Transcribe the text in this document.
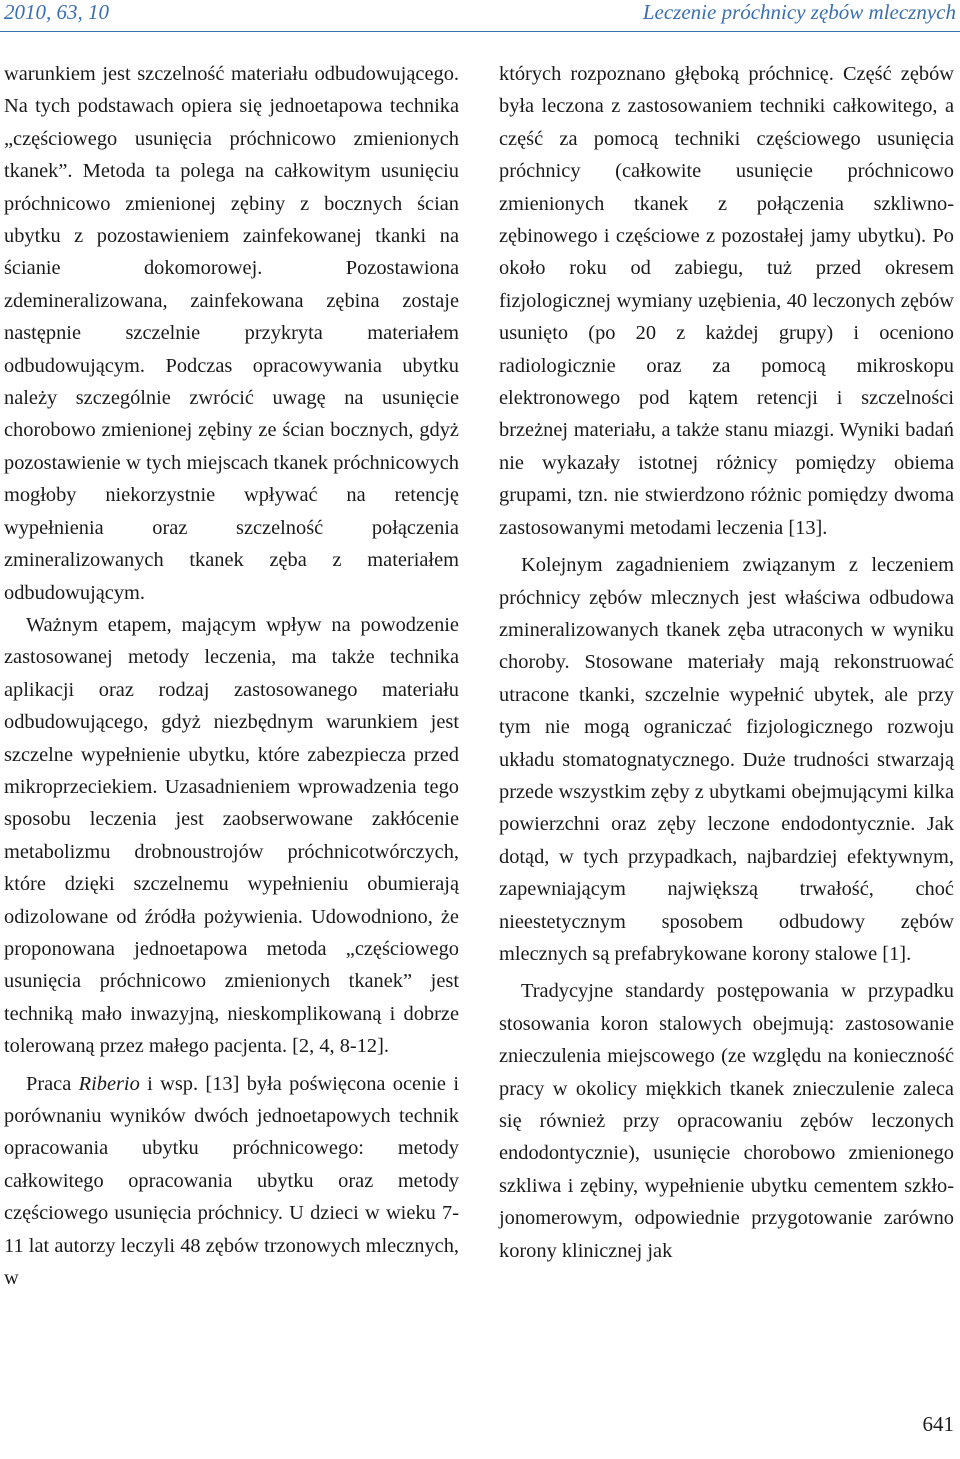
2010, 63, 10	Leczenie próchnicy zębów mlecznych

warunkiem jest szczelność materiału odbudowującego. Na tych podstawach opiera się jednoetapowa technika „częściowego usunięcia próchnicowo zmienionych tkanek”. Metoda ta polega na całkowitym usunięciu próchnicowo zmienionej zębiny z bocznych ścian ubytku z pozostawieniem zainfekowanej tkanki na ścianie dokomorowej. Pozostawiona zdemineralizowana, zainfekowana zębina zostaje następnie szczelnie przykryta materiałem odbudowującym. Podczas opracowywania ubytku należy szczególnie zwrócić uwagę na usunięcie chorobowo zmienionej zębiny ze ścian bocznych, gdyż pozostawienie w tych miejscach tkanek próchnicowych mogłoby niekorzystnie wpływać na retencję wypełnienia oraz szczelność połączenia zmineralizowanych tkanek zęba z materiałem odbudowującym.

Ważnym etapem, mającym wpływ na powodzenie zastosowanej metody leczenia, ma także technika aplikacji oraz rodzaj zastosowanego materiału odbudowującego, gdyż niezbędnym warunkiem jest szczelne wypełnienie ubytku, które zabezpiecza przed mikroprzeciekiem. Uzasadnieniem wprowadzenia tego sposobu leczenia jest zaobserwowane zakłócenie metabolizmu drobnoustrojów próchnicotwórczych, które dzięki szczelnemu wypełnieniu obumierają odizolowane od źródła pożywienia. Udowodniono, że proponowana jednoetapowa metoda „częściowego usunięcia próchnicowo zmienionych tkanek” jest techniką mało inwazyjną, nieskomplikowaną i dobrze tolerowaną przez małego pacjenta. [2, 4, 8-12].

Praca Riberio i wsp. [13] była poświęcona ocenie i porównaniu wyników dwóch jednoetapowych technik opracowania ubytku próchnicowego: metody całkowitego opracowania ubytku oraz metody częściowego usunięcia próchnicy. U dzieci w wieku 7-11 lat autorzy leczyli 48 zębów trzonowych mlecznych, w

których rozpoznano głęboką próchnicę. Część zębów była leczona z zastosowaniem techniki całkowitego, a część za pomocą techniki częściowego usunięcia próchnicy (całkowite usunięcie próchnicowo zmienionych tkanek z połączenia szkliwno-zębinowego i częściowe z pozostałej jamy ubytku). Po około roku od zabiegu, tuż przed okresem fizjologicznej wymiany uzębienia, 40 leczonych zębów usunięto (po 20 z każdej grupy) i oceniono radiologicznie oraz za pomocą mikroskopu elektronowego pod kątem retencji i szczelności brzeżnej materiału, a także stanu miazgi. Wyniki badań nie wykazały istotnej różnicy pomiędzy obiema grupami, tzn. nie stwierdzono różnic pomiędzy dwoma zastosowanymi metodami leczenia [13].

Kolejnym zagadnieniem związanym z leczeniem próchnicy zębów mlecznych jest właściwa odbudowa zmineralizowanych tkanek zęba utraconych w wyniku choroby. Stosowane materiały mają rekonstruować utracone tkanki, szczelnie wypełnić ubytek, ale przy tym nie mogą ograniczać fizjologicznego rozwoju układu stomatognatycznego. Duże trudności stwarzają przede wszystkim zęby z ubytkami obejmującymi kilka powierzchni oraz zęby leczone endodontycznie. Jak dotąd, w tych przypadkach, najbardziej efektywnym, zapewniającym największą trwałość, choć nieestetycznym sposobem odbudowy zębów mlecznych są prefabrykowane korony stalowe [1].

Tradycyjne standardy postępowania w przypadku stosowania koron stalowych obejmują: zastosowanie znieczulenia miejscowego (ze względu na konieczność pracy w okolicy miękkich tkanek znieczulenie zaleca się również przy opracowaniu zębów leczonych endodontycznie), usunięcie chorobowo zmienionego szkliwa i zębiny, wypełnienie ubytku cementem szkło-jonomerowym, odpowiednie przygotowanie zarówno korony klinicznej jak

641
